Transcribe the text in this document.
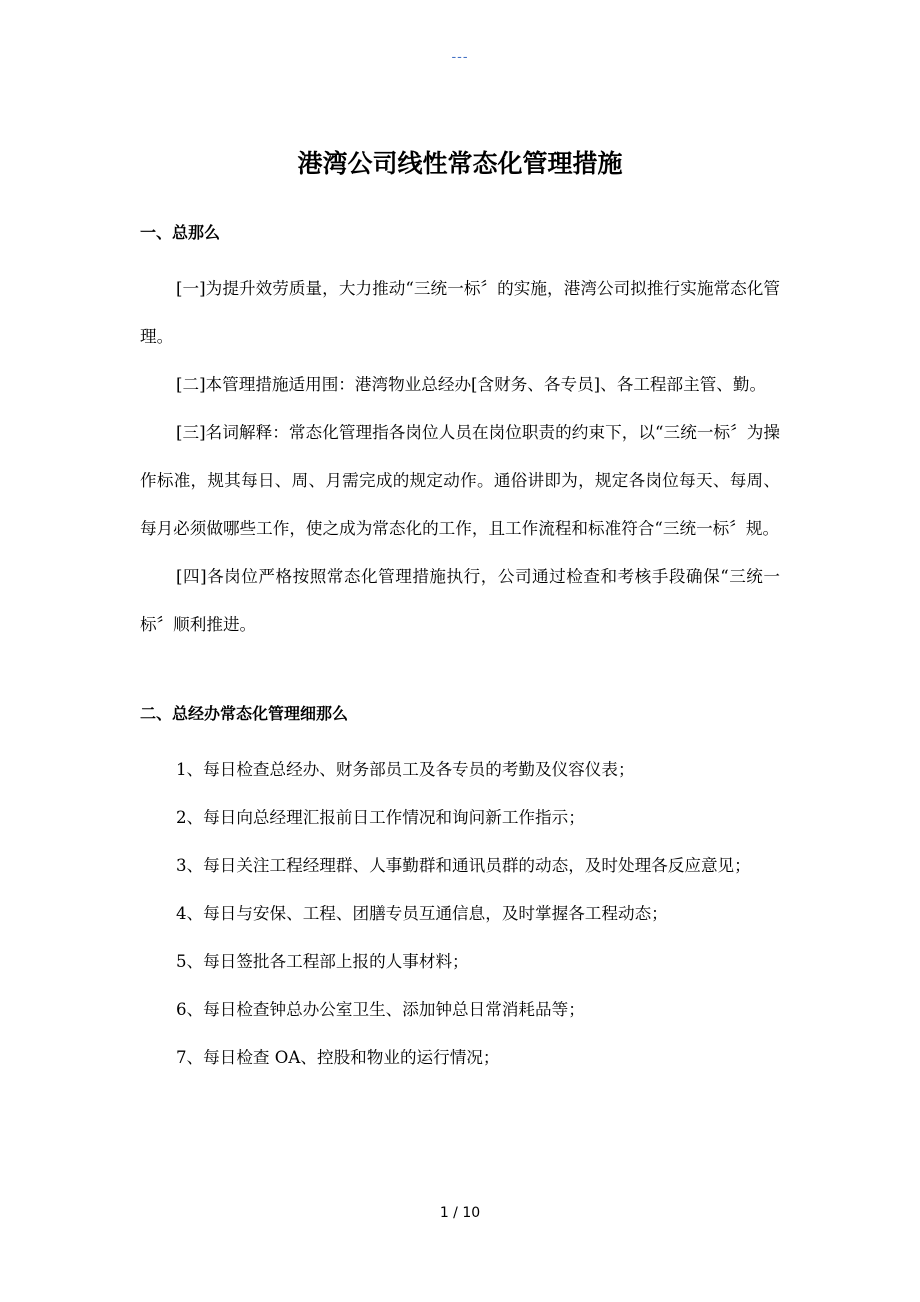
---
港湾公司线性常态化管理措施
一、总那么

[一]为提升效劳质量，大力推动“三统一标〞的实施，港湾公司拟推行实施常态化管理。

[二]本管理措施适用围：港湾物业总经办[含财务、各专员]、各工程部主管、勤。

[三]名词解释：常态化管理指各岗位人员在岗位职责的约束下，以“三统一标〞为操作标准，规其每日、周、月需完成的规定动作。通俗讲即为，规定各岗位每天、每周、每月必须做哪些工作，使之成为常态化的工作，且工作流程和标准符合“三统一标〞规。

[四]各岗位严格按照常态化管理措施执行，公司通过检查和考核手段确保“三统一标〞顺利推进。

二、总经办常态化管理细那么

1、每日检查总经办、财务部员工及各专员的考勤及仪容仪表；

2、每日向总经理汇报前日工作情况和询问新工作指示；

3、每日关注工程经理群、人事勤群和通讯员群的动态，及时处理各反应意见；

4、每日与安保、工程、团膳专员互通信息，及时掌握各工程动态；

5、每日签批各工程部上报的人事材料；

6、每日检查钟总办公室卫生、添加钟总日常消耗品等；

7、每日检查 OA、控股和物业的运行情况；

1 / 10
